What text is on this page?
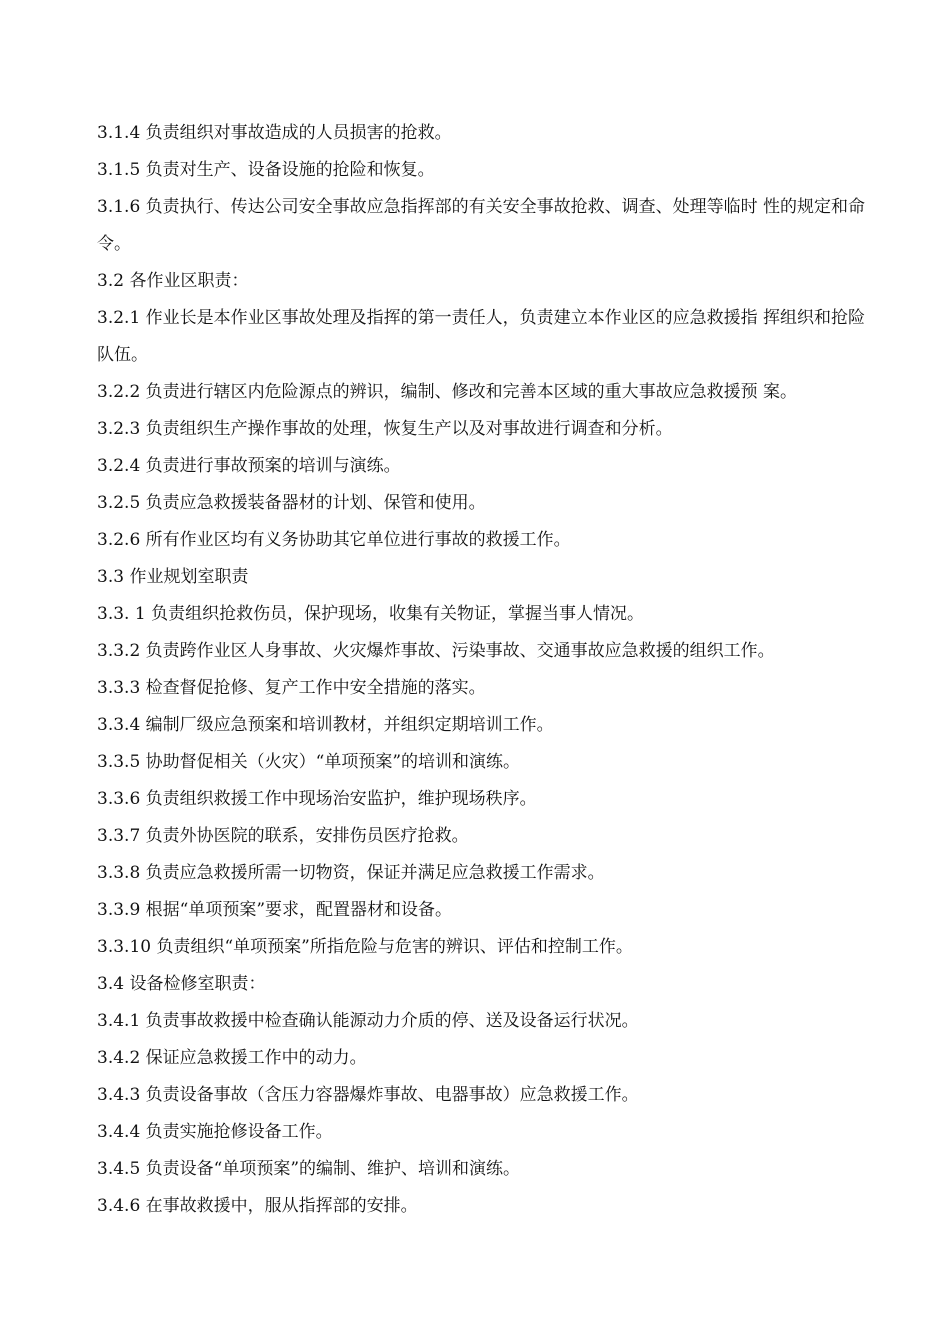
3.1.4 负责组织对事故造成的人员损害的抢救。

3.1.5 负责对生产、设备设施的抢险和恢复。

3.1.6 负责执行、传达公司安全事故应急指挥部的有关安全事故抢救、调查、处理等临时 性的规定和命令。

3.2 各作业区职责：

3.2.1 作业长是本作业区事故处理及指挥的第一责任人，负责建立本作业区的应急救援指 挥组织和抢险队伍。

3.2.2 负责进行辖区内危险源点的辨识，编制、修改和完善本区域的重大事故应急救援预 案。

3.2.3 负责组织生产操作事故的处理，恢复生产以及对事故进行调查和分析。

3.2.4 负责进行事故预案的培训与演练。

3.2.5 负责应急救援装备器材的计划、保管和使用。

3.2.6 所有作业区均有义务协助其它单位进行事故的救援工作。

3.3 作业规划室职责

3.3. 1 负责组织抢救伤员，保护现场，收集有关物证，掌握当事人情况。

3.3.2 负责跨作业区人身事故、火灾爆炸事故、污染事故、交通事故应急救援的组织工作。

3.3.3 检查督促抢修、复产工作中安全措施的落实。

3.3.4 编制厂级应急预案和培训教材，并组织定期培训工作。

3.3.5 协助督促相关（火灾）“单项预案”的培训和演练。

3.3.6 负责组织救援工作中现场治安监护，维护现场秩序。

3.3.7 负责外协医院的联系，安排伤员医疗抢救。

3.3.8 负责应急救援所需一切物资，保证并满足应急救援工作需求。

3.3.9 根据“单项预案”要求，配置器材和设备。

3.3.10 负责组织“单项预案”所指危险与危害的辨识、评估和控制工作。

3.4 设备检修室职责：

3.4.1 负责事故救援中检查确认能源动力介质的停、送及设备运行状况。

3.4.2 保证应急救援工作中的动力。

3.4.3 负责设备事故（含压力容器爆炸事故、电器事故）应急救援工作。

3.4.4 负责实施抢修设备工作。

3.4.5 负责设备“单项预案”的编制、维护、培训和演练。

3.4.6 在事故救援中，服从指挥部的安排。
